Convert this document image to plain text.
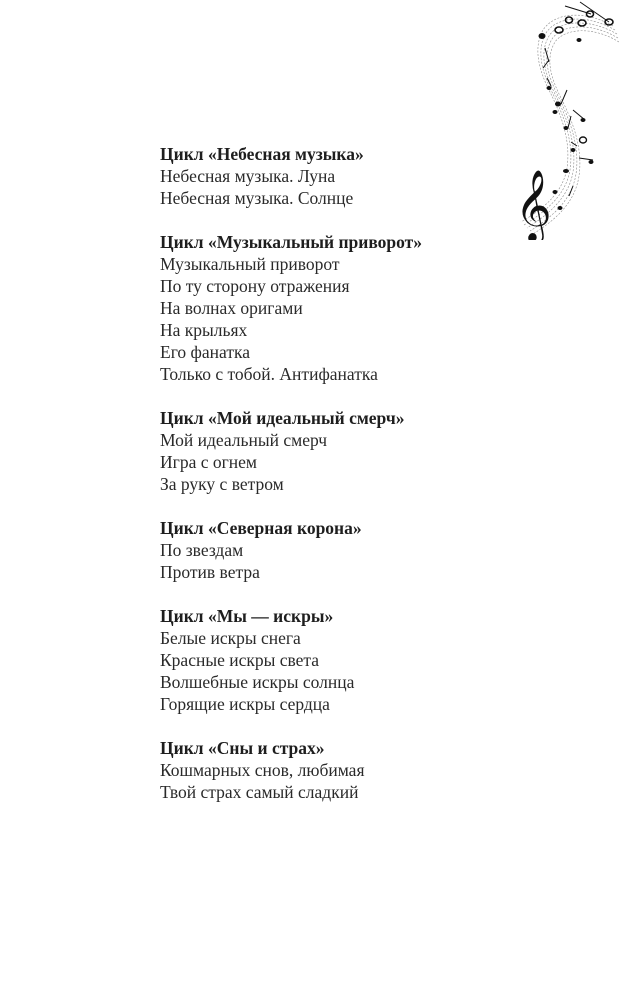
𝄞
Цикл «Небесная музыка»
Небесная музыка. Луна
Небесная музыка. Солнце
Цикл «Музыкальный приворот»
Музыкальный приворот
По ту сторону отражения
На волнах оригами
На крыльях
Его фанатка
Только с тобой. Антифанатка
Цикл «Мой идеальный смерч»
Мой идеальный смерч
Игра с огнем
За руку с ветром
Цикл «Северная корона»
По звездам
Против ветра
Цикл «Мы — искры»
Белые искры снега
Красные искры света
Волшебные искры солнца
Горящие искры сердца
Цикл «Сны и страх»
Кошмарных снов, любимая
Твой страх самый сладкий
